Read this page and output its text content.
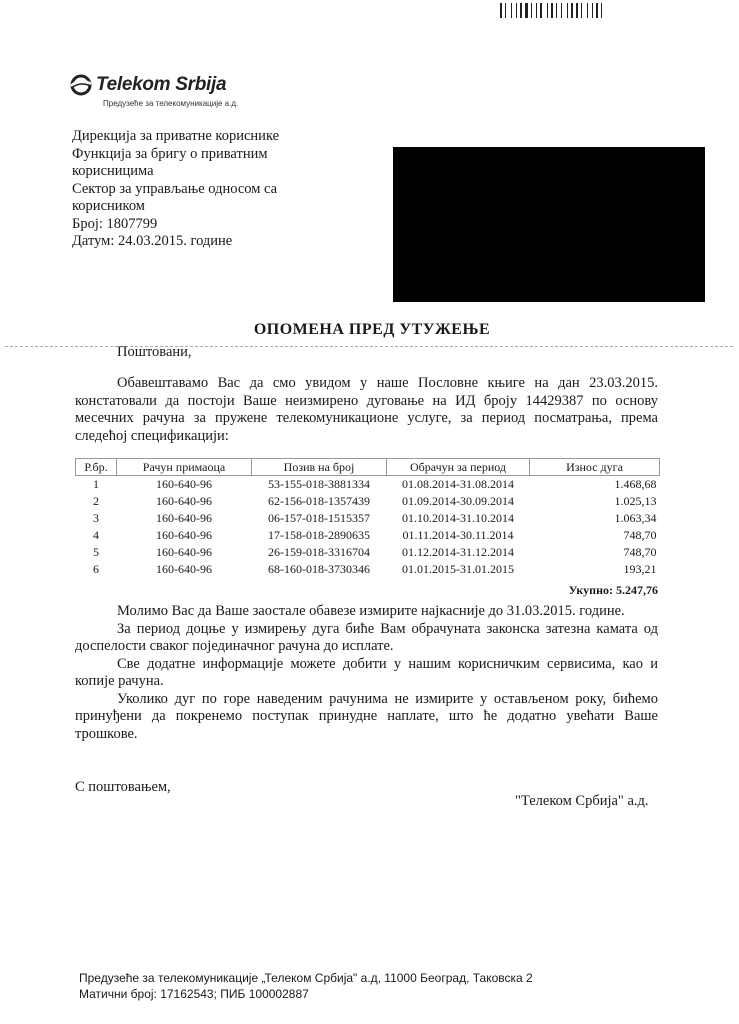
Telekom Srbija
Предузеће за телекомуникације а.д.
Дирекција за приватне кориснике
Функција за бригу о приватним
корисницима
Сектор за управљање односом са
корисником
Број: 1807799
Датум: 24.03.2015. године
ОПОМЕНА ПРЕД УТУЖЕЊЕ
Поштовани,
Обавештавамо Вас да смо увидом у наше Пословне књиге на дан 23.03.2015. констатовали да постоји Ваше неизмирено дуговање на ИД броју 14429387 по основу месечних рачуна за пружене телекомуникационе услуге, за период посматрања, према следећој спецификацији:
Р.бр.	Рачун примаоца	Позив на број	Обрачун за период	Износ дуга
1	160-640-96	53-155-018-3881334	01.08.2014-31.08.2014	1.468,68
2	160-640-96	62-156-018-1357439	01.09.2014-30.09.2014	1.025,13
3	160-640-96	06-157-018-1515357	01.10.2014-31.10.2014	1.063,34
4	160-640-96	17-158-018-2890635	01.11.2014-30.11.2014	748,70
5	160-640-96	26-159-018-3316704	01.12.2014-31.12.2014	748,70
6	160-640-96	68-160-018-3730346	01.01.2015-31.01.2015	193,21
Укупно: 5.247,76
Молимо Вас да Ваше заостале обавезе измирите најкасније до 31.03.2015. године.
За период доцње у измирењу дуга биће Вам обрачуната законска затезна камата од доспелости сваког појединачног рачуна до исплате.
Све додатне информације можете добити у нашим корисничким сервисима, као и копије рачуна.
Уколико дуг по горе наведеним рачунима не измирите у остављеном року, бићемо принуђени да покренемо поступак принудне наплате, што ће додатно увећати Ваше трошкове.
С поштовањем,
"Телеком Србија" а.д.
Предузеће за телекомуникације „Телеком Србија" а.д, 11000 Београд, Таковска 2
Матични број: 17162543; ПИБ 100002887
